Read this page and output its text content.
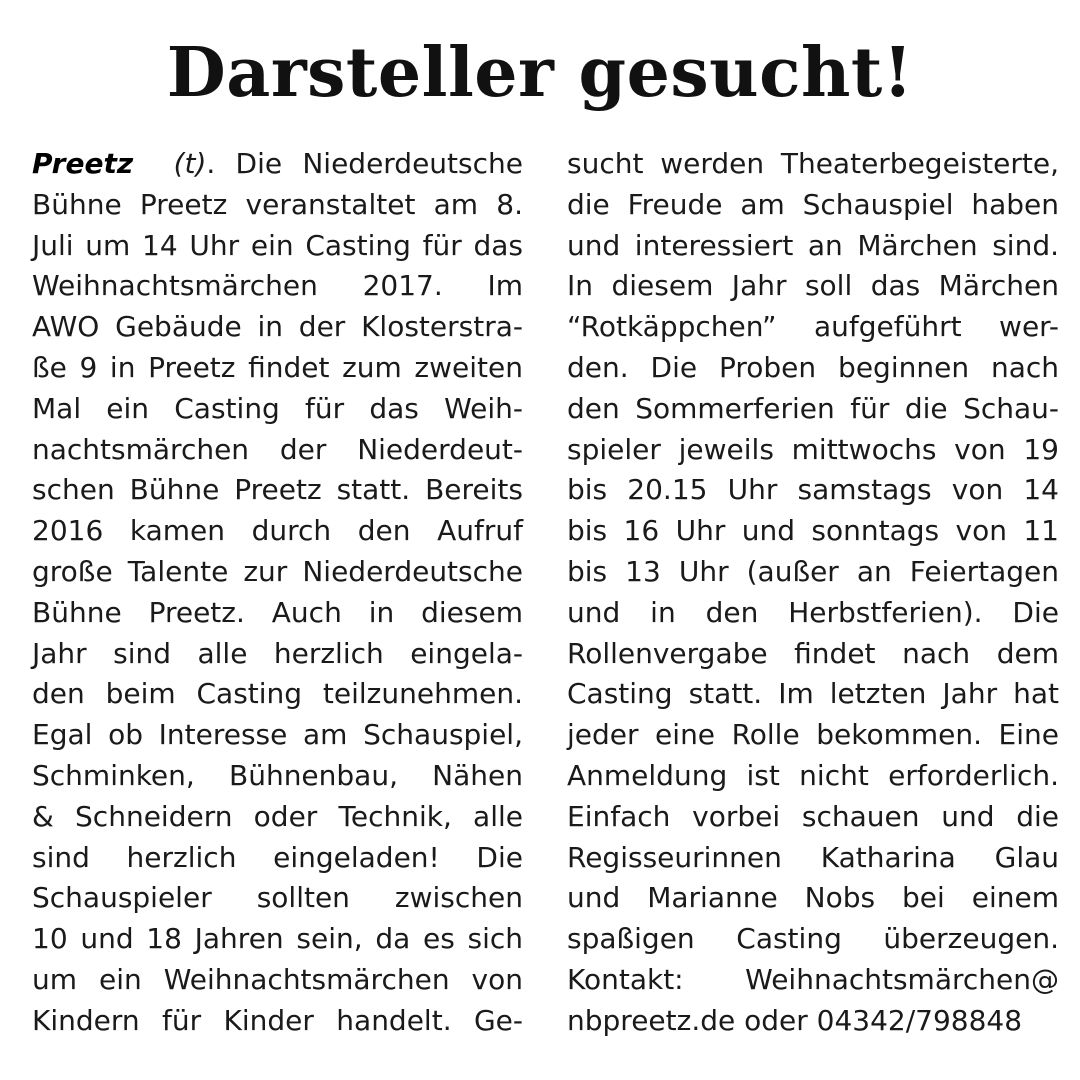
Darsteller gesucht!
Preetz (t). Die Niederdeutsche
Bühne Preetz veranstaltet am 8.
Juli um 14 Uhr ein Casting für das
Weihnachtsmärchen 2017. Im
AWO Gebäude in der Klosterstra-
ße 9 in Preetz findet zum zweiten
Mal ein Casting für das Weih-
nachtsmärchen der Niederdeut-
schen Bühne Preetz statt. Bereits
2016 kamen durch den Aufruf
große Talente zur Niederdeutsche
Bühne Preetz. Auch in diesem
Jahr sind alle herzlich eingela-
den beim Casting teilzunehmen.
Egal ob Interesse am Schauspiel,
Schminken, Bühnenbau, Nähen
& Schneidern oder Technik, alle
sind herzlich eingeladen! Die
Schauspieler sollten zwischen
10 und 18 Jahren sein, da es sich
um ein Weihnachtsmärchen von
Kindern für Kinder handelt. Ge-
sucht werden Theaterbegeisterte,
die Freude am Schauspiel haben
und interessiert an Märchen sind.
In diesem Jahr soll das Märchen
“Rotkäppchen” aufgeführt wer-
den. Die Proben beginnen nach
den Sommerferien für die Schau-
spieler jeweils mittwochs von 19
bis 20.15 Uhr samstags von 14
bis 16 Uhr und sonntags von 11
bis 13 Uhr (außer an Feiertagen
und in den Herbstferien). Die
Rollenvergabe findet nach dem
Casting statt. Im letzten Jahr hat
jeder eine Rolle bekommen. Eine
Anmeldung ist nicht erforderlich.
Einfach vorbei schauen und die
Regisseurinnen Katharina Glau
und Marianne Nobs bei einem
spaßigen Casting überzeugen.
Kontakt: Weihnachtsmärchen@
nbpreetz.de oder 04342/798848
